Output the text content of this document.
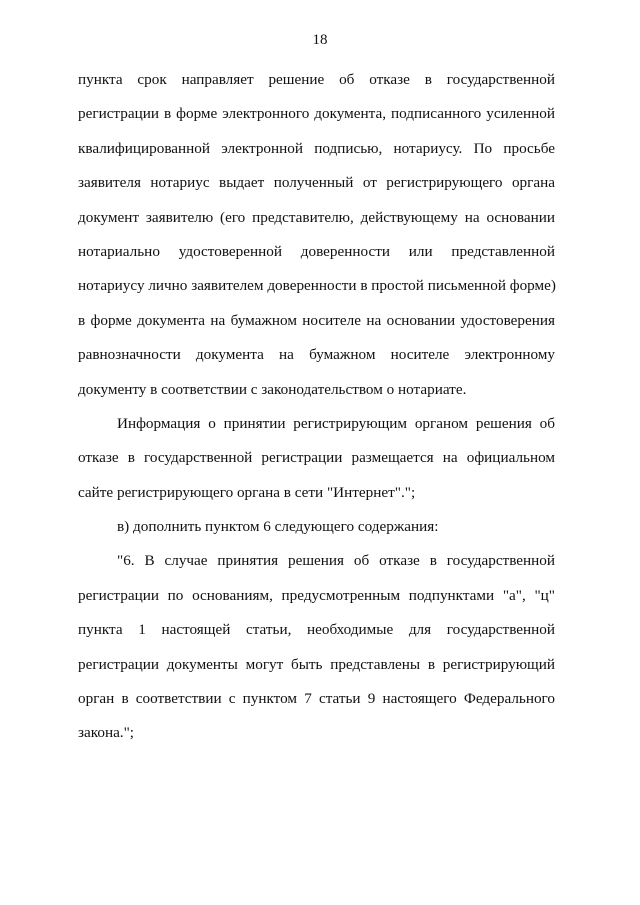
18
пункта срок направляет решение об отказе в государственной
регистрации в форме электронного документа, подписанного усиленной
квалифицированной электронной подписью, нотариусу. По просьбе
заявителя нотариус выдает полученный от регистрирующего органа
документ заявителю (его представителю, действующему на основании
нотариально удостоверенной доверенности или представленной
нотариусу лично заявителем доверенности в простой письменной форме)
в форме документа на бумажном носителе на основании удостоверения
равнозначности документа на бумажном носителе электронному
документу в соответствии с законодательством о нотариате.
Информация о принятии регистрирующим органом решения об
отказе в государственной регистрации размещается на официальном
сайте регистрирующего органа в сети "Интернет".";
в) дополнить пунктом 6 следующего содержания:
"6. В случае принятия решения об отказе в государственной
регистрации по основаниям, предусмотренным подпунктами "а", "ц"
пункта 1 настоящей статьи, необходимые для государственной
регистрации документы могут быть представлены в регистрирующий
орган в соответствии с пунктом 7 статьи 9 настоящего Федерального
закона.";
